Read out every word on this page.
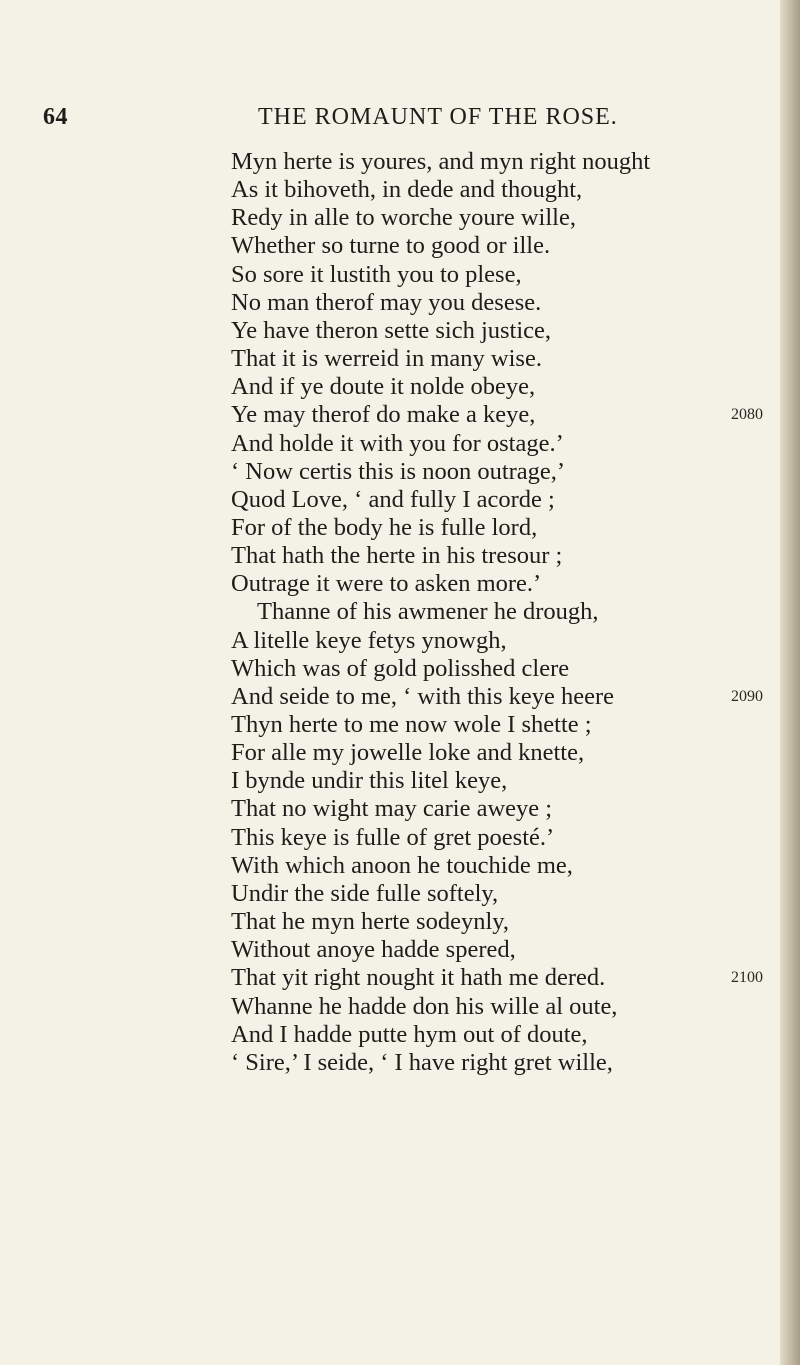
64	THE ROMAUNT OF THE ROSE.
Myn herte is youres, and myn right nought
As it bihoveth, in dede and thought,
Redy in alle to worche youre wille,
Whether so turne to good or ille.
So sore it lustith you to plese,
No man therof may you desese.
Ye have theron sette sich justice,
That it is werreid in many wise.
And if ye doute it nolde obeye,
Ye may therof do make a keye,	2080
And holde it with you for ostage.’
‘ Now certis this is noon outrage,’
Quod Love, ‘ and fully I acorde ;
For of the body he is fulle lord,
That hath the herte in his tresour ;
Outrage it were to asken more.’
Thanne of his awmener he drough,
A litelle keye fetys ynowgh,
Which was of gold polisshed clere
And seide to me, ‘ with this keye heere	2090
Thyn herte to me now wole I shette ;
For alle my jowelle loke and knette,
I bynde undir this litel keye,
That no wight may carie aweye ;
This keye is fulle of gret poesté.’
With which anoon he touchide me,
Undir the side fulle softely,
That he myn herte sodeynly,
Without anoye hadde spered,
That yit right nought it hath me dered.	2100
Whanne he hadde don his wille al oute,
And I hadde putte hym out of doute,
‘ Sire,’ I seide, ‘ I have right gret wille,
